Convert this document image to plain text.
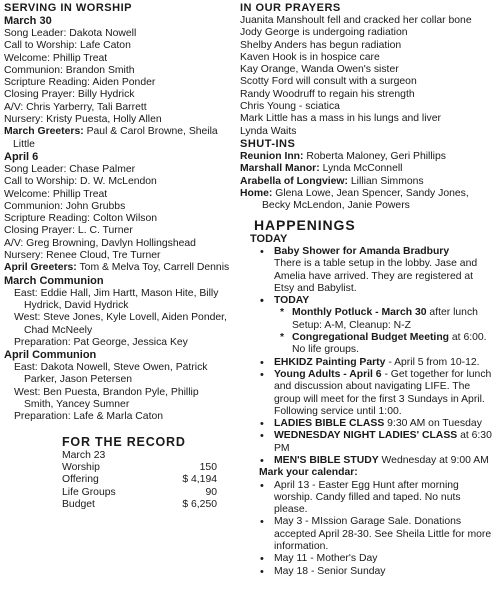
SERVING IN WORSHIP
March 30
Song Leader: Dakota Nowell
Call to Worship: Lafe Caton
Welcome: Phillip Treat
Communion: Brandon Smith
Scripture Reading: Aiden Ponder
Closing Prayer: Billy Hydrick
A/V: Chris Yarberry, Tali Barrett
Nursery: Kristy Puesta, Holly Allen
March Greeters: Paul & Carol Browne, Sheila Little
April 6
Song Leader: Chase Palmer
Call to Worship: D. W. McLendon
Welcome: Phillip Treat
Communion: John Grubbs
Scripture Reading: Colton Wilson
Closing Prayer: L. C. Turner
A/V: Greg Browning, Davlyn Hollingshead
Nursery: Renee Cloud, Tre Turner
April Greeters: Tom & Melva Toy, Carrell Dennis
March Communion
East: Eddie Hall, Jim Hartt, Mason Hite, Billy Hydrick, David Hydrick
West: Steve Jones, Kyle Lovell, Aiden Ponder, Chad McNeely
Preparation: Pat George, Jessica Key
April Communion
East: Dakota Nowell, Steve Owen, Patrick Parker, Jason Petersen
West: Ben Puesta, Brandon Pyle, Phillip Smith, Yancey Sumner
Preparation: Lafe & Marla Caton
FOR THE RECORD
March 23
Worship	150
Offering	$ 4,194
Life Groups	90
Budget	$ 6,250
IN OUR PRAYERS
Juanita Manshoult fell and cracked her collar bone
Jody George is undergoing radiation
Shelby Anders has begun radiation
Kaven Hook is in hospice care
Kay Orange, Wanda Owen's sister
Scotty Ford will consult with a surgeon
Randy Woodruff to regain his strength
Chris Young - sciatica
Mark Little has a mass in his lungs and liver
Lynda Waits
SHUT-INS
Reunion Inn: Roberta Maloney, Geri Phillips
Marshall Manor: Lynda McConnell
Arabella of Longview: Lillian Simmons
Home: Glena Lowe, Jean Spencer, Sandy Jones, Becky McLendon, Janie Powers
HAPPENINGS
TODAY
• Baby Shower for Amanda Bradbury
There is a table setup in the lobby. Jase and Amelia have arrived. They are registered at Etsy and Babylist.
• TODAY
* Monthly Potluck - March 30 after lunch Setup: A-M, Cleanup: N-Z
* Congregational Budget Meeting at 6:00. No life groups.
• EHKIDZ Painting Party - April 5 from 10-12.
• Young Adults - April 6 - Get together for lunch and discussion about navigating LIFE. The group will meet for the first 3 Sundays in April. Following service until 1:00.
• LADIES BIBLE CLASS 9:30 AM on Tuesday
• WEDNESDAY NIGHT LADIES' CLASS at 6:30 PM
• MEN'S BIBLE STUDY Wednesday at 9:00 AM
Mark your calendar:
• April 13 - Easter Egg Hunt after morning worship. Candy filled and taped. No nuts please.
• May 3 - MIssion Garage Sale. Donations accepted April 28-30. See Sheila Little for more information.
• May 11 - Mother's Day
• May 18 - Senior Sunday
